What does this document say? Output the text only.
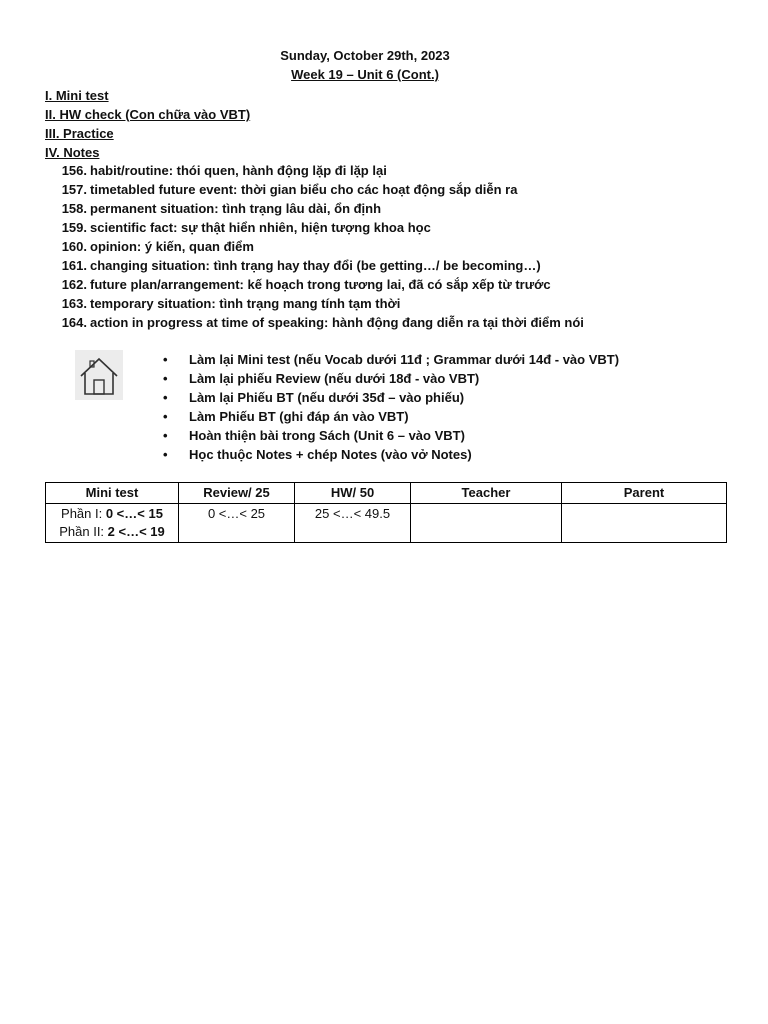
Sunday, October 29th, 2023
Week 19 – Unit 6 (Cont.)
I. Mini test
II. HW check (Con chữa vào VBT)
III. Practice
IV. Notes
156. habit/routine: thói quen, hành động lặp đi lặp lại
157. timetabled future event: thời gian biểu cho các hoạt động sắp diễn ra
158. permanent situation: tình trạng lâu dài, ổn định
159. scientific fact: sự thật hiển nhiên, hiện tượng khoa học
160. opinion: ý kiến, quan điểm
161. changing situation: tình trạng hay thay đổi (be getting…/ be becoming…)
162. future plan/arrangement: kế hoạch trong tương lai, đã có sắp xếp từ trước
163. temporary situation: tình trạng mang tính tạm thời
164. action in progress at time of speaking: hành động đang diễn ra tại thời điểm nói
• Làm lại Mini test (nếu Vocab dưới 11đ ; Grammar dưới 14đ - vào VBT)
• Làm lại phiếu Review (nếu dưới 18đ - vào VBT)
• Làm lại Phiếu BT (nếu dưới 35đ – vào phiếu)
• Làm Phiếu BT (ghi đáp án vào VBT)
• Hoàn thiện bài trong Sách (Unit 6 – vào VBT)
• Học thuộc Notes + chép Notes (vào vở Notes)
Mini test	Review/ 25	HW/ 50	Teacher	Parent

Phần I: 0 <…< 15
Phần II: 2 <…< 19	0 <…< 25	25 <…< 49.5		
